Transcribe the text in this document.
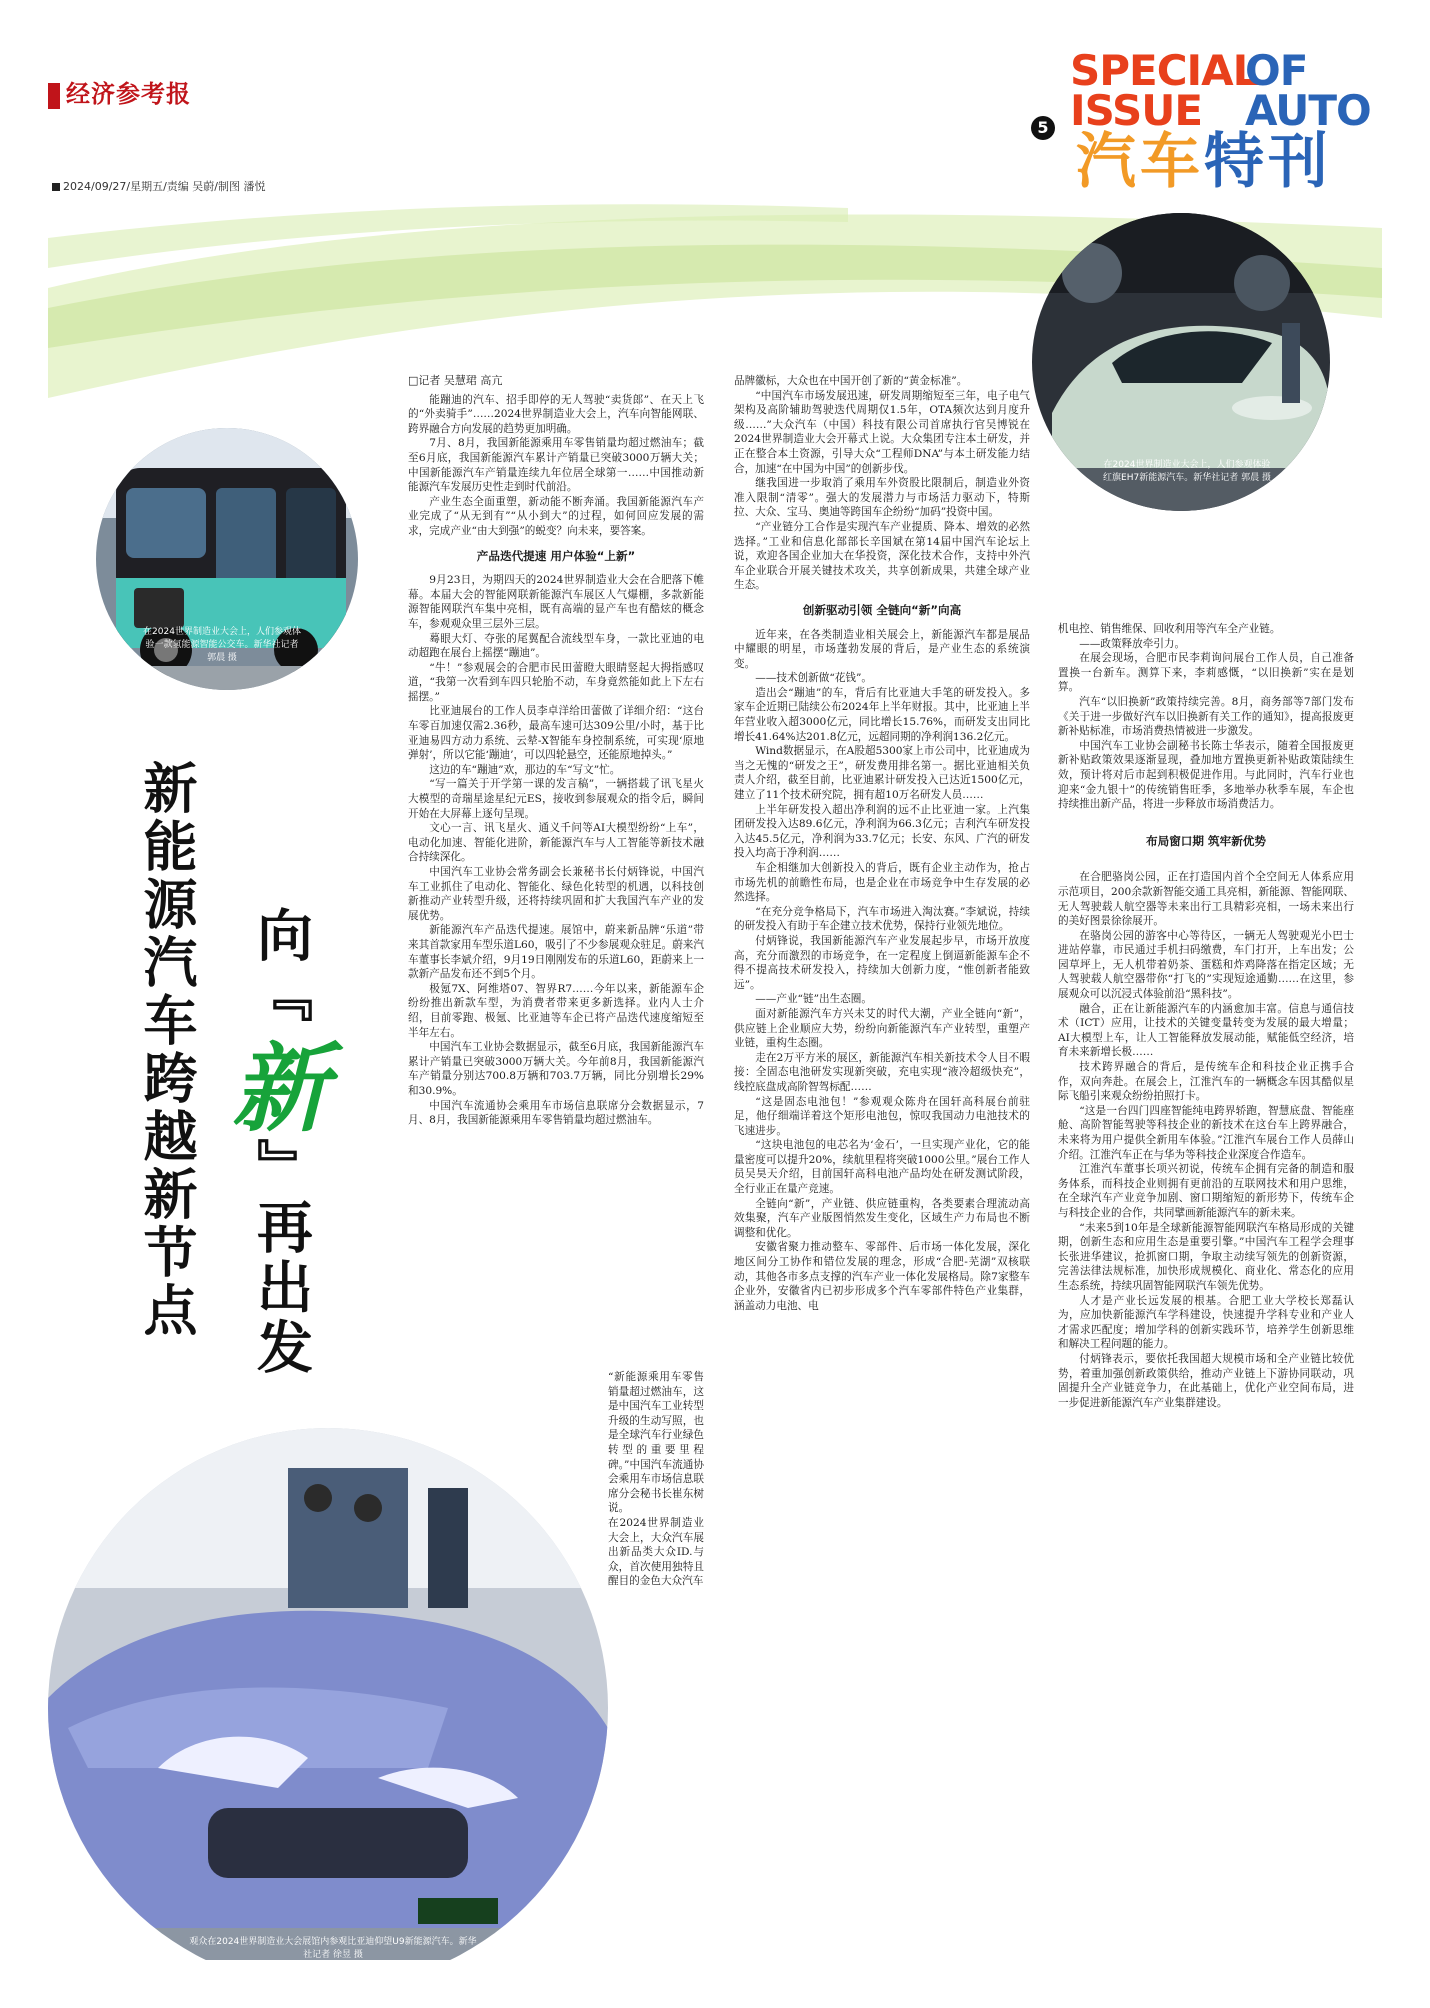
经济参考报
2024/09/27/星期五/责编 吴蔚/制图 潘悦
5
SPECIAL
OF
ISSUE AUTO
汽车特刊
在2024世界制造业大会上，人们参观体验一款氢能源智能公交车。新华社记者 郭晨 摄
在2024世界制造业大会上，人们参观体验红旗EH7新能源汽车。新华社记者 郭晨 摄
观众在2024世界制造业大会展馆内参观比亚迪仰望U9新能源汽车。新华社记者 徐昱 摄
新能源汽车跨越新节点 向『
新
』再出发

□记者 吴慧珺 高亢

能蹦迪的汽车、招手即停的无人驾驶“卖货郎”、在天上飞的“外卖骑手”……2024世界制造业大会上，汽车向智能网联、跨界融合方向发展的趋势更加明确。

7月、8月，我国新能源乘用车零售销量均超过燃油车；截至6月底，我国新能源汽车累计产销量已突破3000万辆大关；中国新能源汽车产销量连续九年位居全球第一……中国推动新能源汽车发展历史性走到时代前沿。

产业生态全面重塑，新动能不断奔涌。我国新能源汽车产业完成了“从无到有”“从小到大”的过程，如何回应发展的需求，完成产业“由大到强”的蜕变？向未来，要答案。

产品迭代提速 用户体验“上新”

9月23日，为期四天的2024世界制造业大会在合肥落下帷幕。本届大会的智能网联新能源汽车展区人气爆棚，多款新能源智能网联汽车集中亮相，既有高端的显产车也有酷炫的概念车，参观观众里三层外三层。

蓦眼大灯、夺张的尾翼配合流线型车身，一款比亚迪的电动超跑在展台上摇摆“蹦迪”。

“牛！”参观展会的合肥市民田蕾瞪大眼睛竖起大拇指感叹道，“我第一次看到车四只轮胎不动，车身竟然能如此上下左右摇摆。”

比亚迪展台的工作人员李卓洋给田蕾做了详细介绍：“这台车零百加速仅需2.36秒，最高车速可达309公里/小时，基于比亚迪易四方动力系统、云辇-X智能车身控制系统，可实现‘原地弹射’，所以它能‘蹦迪’，可以四轮悬空，还能原地掉头。”

这边的车“蹦迪”欢，那边的车“写文”忙。

“写一篇关于开学第一课的发言稿”，一辆搭载了讯飞星火大模型的奇瑞星途星纪元ES，接收到参展观众的指令后，瞬间开始在大屏幕上逐句呈现。

文心一言、讯飞星火、通义千问等AI大模型纷纷“上车”，电动化加速、智能化进阶，新能源汽车与人工智能等新技术融合持续深化。

中国汽车工业协会常务副会长兼秘书长付炳锋说，中国汽车工业抓住了电动化、智能化、绿色化转型的机遇，以科技创新推动产业转型升级，还将持续巩固和扩大我国汽车产业的发展优势。

新能源汽车产品迭代提速。展馆中，蔚来新品牌“乐道”带来其首款家用车型乐道L60，吸引了不少参展观众驻足。蔚来汽车董事长李斌介绍，9月19日刚刚发布的乐道L60，距蔚来上一款新产品发布还不到5个月。

极氪7X、阿维塔07、智界R7……今年以来，新能源车企纷纷推出新款车型，为消费者带来更多新选择。业内人士介绍，目前零跑、极氪、比亚迪等车企已将产品迭代速度缩短至半年左右。

中国汽车工业协会数据显示，截至6月底，我国新能源汽车累计产销量已突破3000万辆大关。今年前8月，我国新能源汽车产销量分别达700.8万辆和703.7万辆，同比分别增长29%和30.9%。

中国汽车流通协会乘用车市场信息联席分会数据显示，7月、8月，我国新能源乘用车零售销量均超过燃油车。

“新能源乘用车零售销量超过燃油车，这是中国汽车工业转型升级的生动写照，也是全球汽车行业绿色转型的重要里程碑。”中国汽车流通协会乘用车市场信息联席分会秘书长崔东树说。

在2024世界制造业大会上，大众汽车展出新品类大众ID.与众，首次使用独特且醒目的金色大众汽车

品牌徽标，大众也在中国开创了新的“黄金标准”。

“中国汽车市场发展迅速，研发周期缩短至三年，电子电气架构及高阶辅助驾驶迭代周期仅1.5年，OTA频次达到月度升级……”大众汽车（中国）科技有限公司首席执行官吴博锐在2024世界制造业大会开幕式上说。大众集团专注本土研发，并正在整合本土资源，引导大众“工程师DNA”与本土研发能力结合，加速“在中国为中国”的创新步伐。

继我国进一步取消了乘用车外资股比限制后，制造业外资准入限制“清零”。强大的发展潜力与市场活力驱动下，特斯拉、大众、宝马、奥迪等跨国车企纷纷“加码”投资中国。

“产业链分工合作是实现汽车产业提质、降本、增效的必然选择。”工业和信息化部部长辛国斌在第14届中国汽车论坛上说，欢迎各国企业加大在华投资，深化技术合作，支持中外汽车企业联合开展关键技术攻关，共享创新成果，共建全球产业生态。

创新驱动引领 全链向“新”向高

近年来，在各类制造业相关展会上，新能源汽车都是展品中耀眼的明星，市场蓬勃发展的背后，是产业生态的系统演变。

——技术创新做“花钱”。

造出会“蹦迪”的车，背后有比亚迪大手笔的研发投入。多家车企近期已陆续公布2024年上半年财报。其中，比亚迪上半年营业收入超3000亿元，同比增长15.76%，而研发支出同比增长41.64%达201.8亿元，远超同期的净利润136.2亿元。

Wind数据显示，在A股超5300家上市公司中，比亚迪成为当之无愧的“研发之王”，研发费用排名第一。据比亚迪相关负责人介绍，截至目前，比亚迪累计研发投入已达近1500亿元，建立了11个技术研究院，拥有超10万名研发人员……

上半年研发投入超出净利润的远不止比亚迪一家。上汽集团研发投入达89.6亿元，净利润为66.3亿元；吉利汽车研发投入达45.5亿元，净利润为33.7亿元；长安、东风、广汽的研发投入均高于净利润……

车企相继加大创新投入的背后，既有企业主动作为，抢占市场先机的前瞻性布局，也是企业在市场竞争中生存发展的必然选择。

“在充分竞争格局下，汽车市场进入淘汰赛。”李斌说，持续的研发投入有助于车企建立技术优势，保持行业领先地位。

付炳锋说，我国新能源汽车产业发展起步早，市场开放度高，充分而激烈的市场竞争，在一定程度上倒逼新能源车企不得不提高技术研发投入，持续加大创新力度，“惟创新者能致远”。

——产业“链”出生态圈。

面对新能源汽车方兴未艾的时代大潮，产业全链向“新”，供应链上企业顺应大势，纷纷向新能源汽车产业转型，重塑产业链，重构生态圈。

走在2万平方米的展区，新能源汽车相关新技术令人目不暇接：全固态电池研发实现新突破，充电实现“液冷超级快充”，线控底盘成高阶智驾标配……

“这是固态电池包！”参观观众陈舟在国轩高科展台前驻足，他仔细端详着这个矩形电池包，惊叹我国动力电池技术的飞速进步。

“这块电池包的电芯名为‘金石’，一旦实现产业化，它的能量密度可以提升20%，续航里程将突破1000公里。”展台工作人员吴昊天介绍，目前国轩高科电池产品均处在研发测试阶段，全行业正在量产竞速。

全链向“新”，产业链、供应链重构，各类要素合理流动高效集聚，汽车产业版图悄然发生变化，区域生产力布局也不断调整和优化。

安徽省聚力推动整车、零部件、后市场一体化发展，深化地区间分工协作和错位发展的理念，形成“合肥-芜湖”双核联动，其他各市多点支撑的汽车产业一体化发展格局。除7家整车企业外，安徽省内已初步形成多个汽车零部件特色产业集群，涵盖动力电池、电

机电控、销售维保、回收利用等汽车全产业链。

——政策释放牵引力。

在展会现场，合肥市民李莉询问展台工作人员，自己准备置换一台新车。测算下来，李莉感慨，“以旧换新”实在是划算。

汽车“以旧换新”政策持续完善。8月，商务部等7部门发布《关于进一步做好汽车以旧换新有关工作的通知》，提高报废更新补贴标准，市场消费热情被进一步激发。

中国汽车工业协会副秘书长陈士华表示，随着全国报废更新补贴政策效果逐渐显现，叠加地方置换更新补贴政策陆续生效，预计将对后市起到积极促进作用。与此同时，汽车行业也迎来“金九银十”的传统销售旺季，多地举办秋季车展，车企也持续推出新产品，将进一步释放市场消费活力。

布局窗口期 筑牢新优势

在合肥骆岗公园，正在打造国内首个全空间无人体系应用示范项目，200余款新智能交通工具亮相，新能源、智能网联、无人驾驶载人航空器等未来出行工具精彩亮相，一场未来出行的美好图景徐徐展开。

在骆岗公园的游客中心等待区，一辆无人驾驶观光小巴士进站停靠，市民通过手机扫码缴费，车门打开，上车出发；公园草坪上，无人机带着奶茶、蛋糕和炸鸡降落在指定区域；无人驾驶载人航空器带你“打飞的”实现短途通勤……在这里，参展观众可以沉浸式体验前沿“黑科技”。

融合，正在让新能源汽车的内涵愈加丰富。信息与通信技术（ICT）应用，让技术的关键变量转变为发展的最大增量；AI大模型上车，让人工智能释放发展动能，赋能低空经济，培育未来新增长极……

技术跨界融合的背后，是传统车企和科技企业正携手合作，双向奔赴。在展会上，江淮汽车的一辆概念车因其酷似星际飞船引来观众纷纷拍照打卡。

“这是一台四门四座智能纯电跨界轿跑，智慧底盘、智能座舱、高阶智能驾驶等科技企业的新技术在这台车上跨界融合，未来将为用户提供全新用车体验。”江淮汽车展台工作人员薛山介绍。江淮汽车正在与华为等科技企业深度合作造车。

江淮汽车董事长项兴初说，传统车企拥有完备的制造和服务体系，而科技企业则拥有更前沿的互联网技术和用户思维，在全球汽车产业竞争加剧、窗口期缩短的新形势下，传统车企与科技企业的合作，共同擘画新能源汽车的新未来。

“未来5到10年是全球新能源智能网联汽车格局形成的关键期，创新生态和应用生态是重要引擎。”中国汽车工程学会理事长张进华建议，抢抓窗口期，争取主动续写领先的创新资源，完善法律法规标准，加快形成规模化、商业化、常态化的应用生态系统，持续巩固智能网联汽车领先优势。

人才是产业长远发展的根基。合肥工业大学校长郑磊认为，应加快新能源汽车学科建设，快速提升学科专业和产业人才需求匹配度；增加学科的创新实践环节，培养学生创新思维和解决工程问题的能力。

付炳锋表示，要依托我国超大规模市场和全产业链比较优势，着重加强创新政策供给，推动产业链上下游协同联动，巩固提升全产业链竞争力，在此基础上，优化产业空间布局，进一步促进新能源汽车产业集群建设。
